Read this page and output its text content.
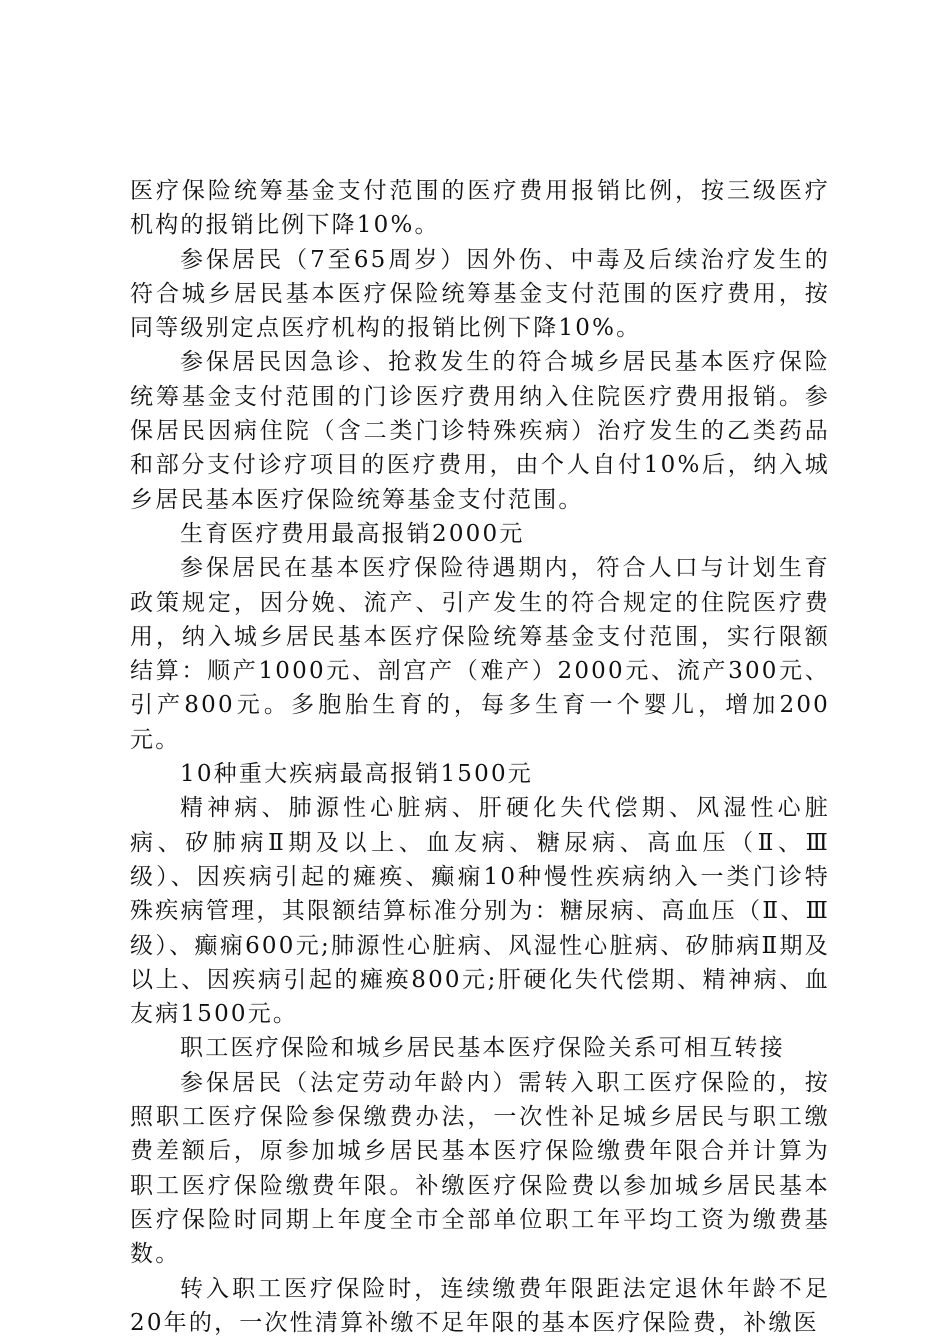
医疗保险统筹基金支付范围的医疗费用报销比例，按三级医疗机构的报销比例下降10%。

参保居民（7至65周岁）因外伤、中毒及后续治疗发生的符合城乡居民基本医疗保险统筹基金支付范围的医疗费用，按同等级别定点医疗机构的报销比例下降10%。

参保居民因急诊、抢救发生的符合城乡居民基本医疗保险统筹基金支付范围的门诊医疗费用纳入住院医疗费用报销。参保居民因病住院（含二类门诊特殊疾病）治疗发生的乙类药品和部分支付诊疗项目的医疗费用，由个人自付10%后，纳入城乡居民基本医疗保险统筹基金支付范围。

生育医疗费用最高报销2000元

参保居民在基本医疗保险待遇期内，符合人口与计划生育政策规定，因分娩、流产、引产发生的符合规定的住院医疗费用，纳入城乡居民基本医疗保险统筹基金支付范围，实行限额结算：顺产1000元、剖宫产（难产）2000元、流产300元、引产800元。多胞胎生育的，每多生育一个婴儿，增加200元。

10种重大疾病最高报销1500元

精神病、肺源性心脏病、肝硬化失代偿期、风湿性心脏病、矽肺病Ⅱ期及以上、血友病、糖尿病、高血压（Ⅱ、Ⅲ级）、因疾病引起的瘫痪、癫痫10种慢性疾病纳入一类门诊特殊疾病管理，其限额结算标准分别为：糖尿病、高血压（Ⅱ、Ⅲ级）、癫痫600元;肺源性心脏病、风湿性心脏病、矽肺病Ⅱ期及以上、因疾病引起的瘫痪800元;肝硬化失代偿期、精神病、血友病1500元。

职工医疗保险和城乡居民基本医疗保险关系可相互转接

参保居民（法定劳动年龄内）需转入职工医疗保险的，按照职工医疗保险参保缴费办法，一次性补足城乡居民与职工缴费差额后，原参加城乡居民基本医疗保险缴费年限合并计算为职工医疗保险缴费年限。补缴医疗保险费以参加城乡居民基本医疗保险时同期上年度全市全部单位职工年平均工资为缴费基数。

转入职工医疗保险时，连续缴费年限距法定退休年龄不足20年的，一次性清算补缴不足年限的基本医疗保险费，补缴医
